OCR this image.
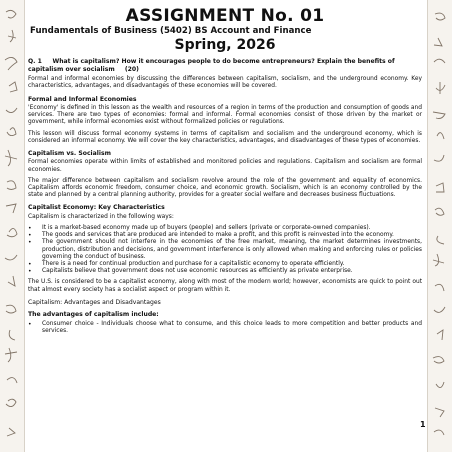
ASSIGNMENT No. 01
Fundamentals of Business (5402) BS Account and Finance
Spring, 2026
Q. 1 What is capitalism? How it encourages people to do become entrepreneurs? Explain the benefits of capitalism over socialism (20)

Formal and informal economies by discussing the differences between capitalism, socialism, and the underground economy. Key characteristics, advantages, and disadvantages of these economies will be covered.

Formal and Informal Economies

'Economy' is defined in this lesson as the wealth and resources of a region in terms of the production and consumption of goods and services. There are two types of economies: formal and informal. Formal economies consist of those driven by the market or government, while informal economies exist without formalized policies or regulations.

This lesson will discuss formal economy systems in terms of capitalism and socialism and the underground economy, which is considered an informal economy. We will cover the key characteristics, advantages, and disadvantages of these types of economies.

Capitalism vs. Socialism

Formal economies operate within limits of established and monitored policies and regulations. Capitalism and socialism are formal economies.

The major difference between capitalism and socialism revolve around the role of the government and equality of economics. Capitalism affords economic freedom, consumer choice, and economic growth. Socialism, which is an economy controlled by the state and planned by a central planning authority, provides for a greater social welfare and decreases business fluctuations.

Capitalist Economy: Key Characteristics

Capitalism is characterized in the following ways:

• It is a market-based economy made up of buyers (people) and sellers (private or corporate-owned companies).
• The goods and services that are produced are intended to make a profit, and this profit is reinvested into the economy.
• The government should not interfere in the economies of the free market, meaning, the market determines investments, production, distribution and decisions, and government interference is only allowed when making and enforcing rules or policies governing the conduct of business.
• There is a need for continual production and purchase for a capitalistic economy to operate efficiently.
• Capitalists believe that government does not use economic resources as efficiently as private enterprise.

The U.S. is considered to be a capitalist economy, along with most of the modern world; however, economists are quick to point out that almost every society has a socialist aspect or program within it.

Capitalism: Advantages and Disadvantages
The advantages of capitalism include:
• Consumer choice - Individuals choose what to consume, and this choice leads to more competition and better products and services.
1
